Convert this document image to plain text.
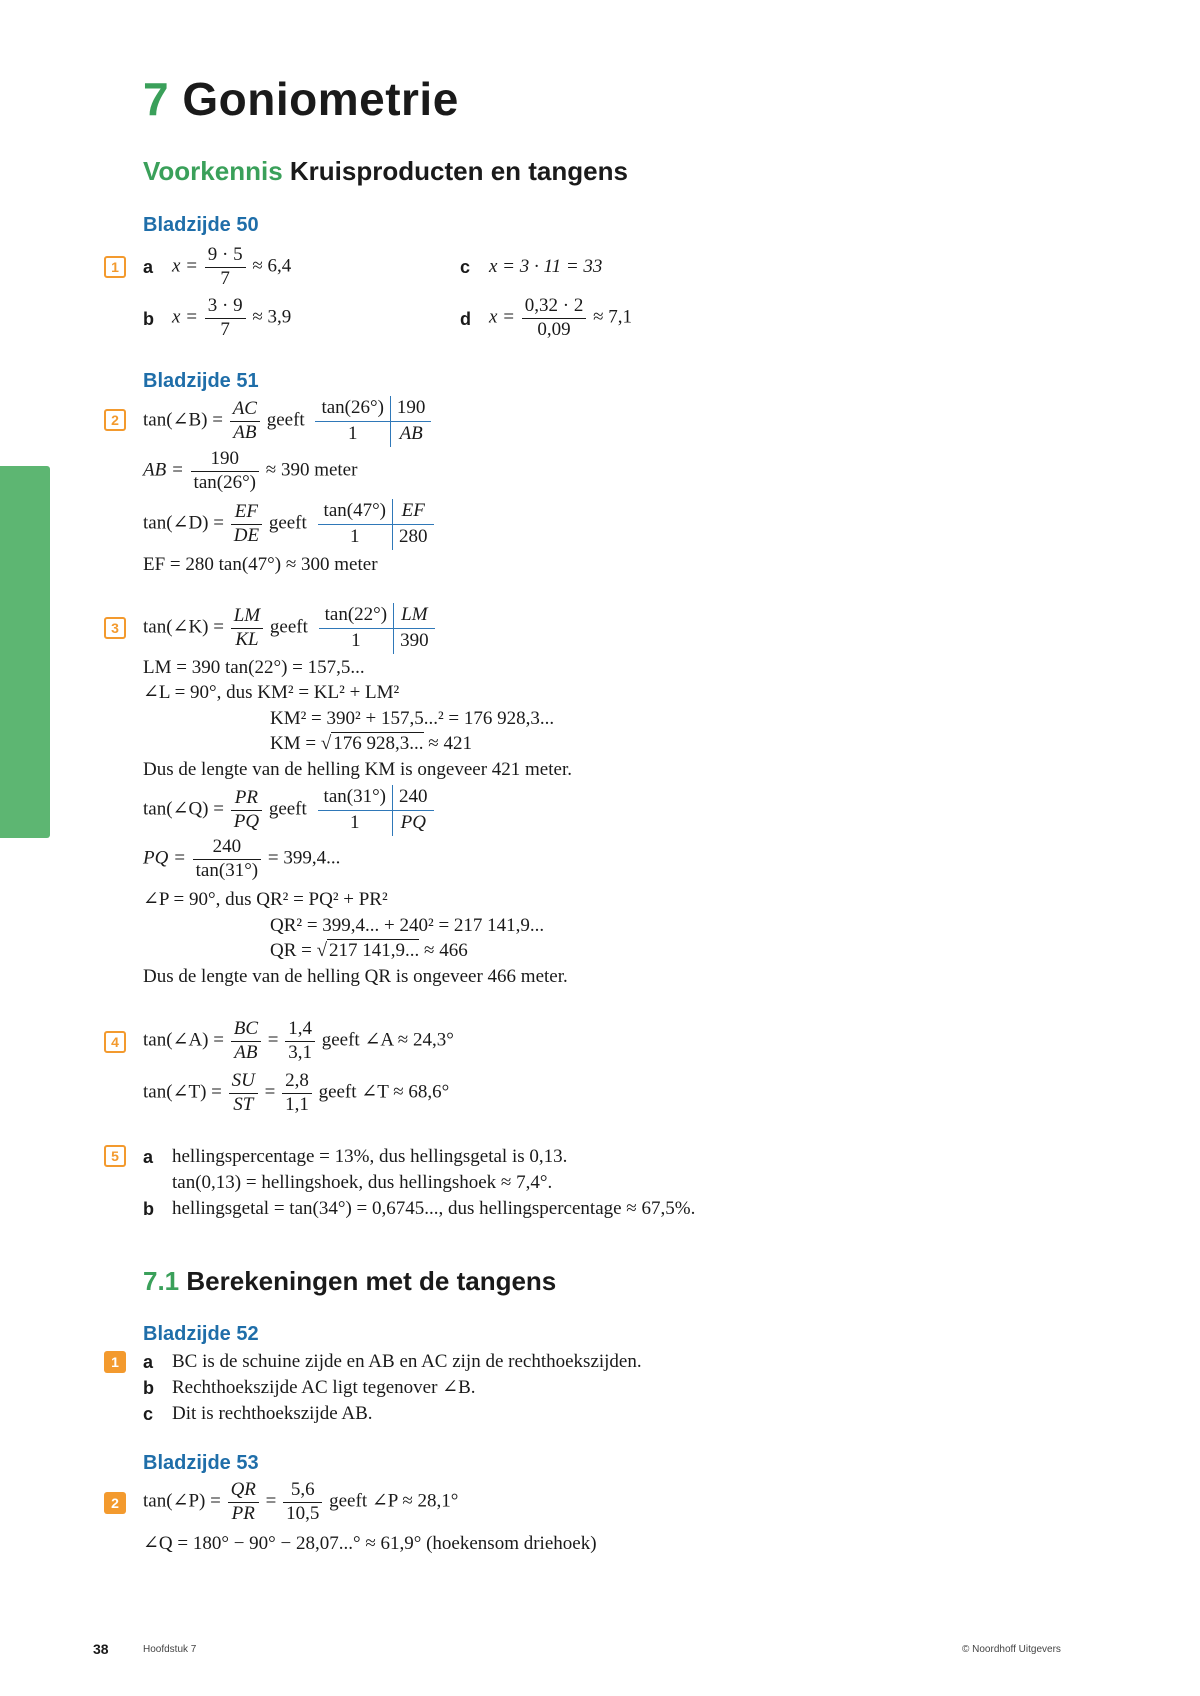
7 Goniometrie
Voorkennis Kruisproducten en tangens
Bladzijde 50
1	a $x = \frac{9 \cdot 5}{7} \approx 6,4$	c x = 3 · 11 = 33
b $x = \frac{3 \cdot 9}{7} \approx 3,9$	d $x = \frac{0,32 \cdot 2}{0,09} \approx 7,1$
Bladzijde 51
2	tan(∠B) = $\frac{AC}{AB}$ geeft
tan(26°)	190
1	AB
AB = $\frac{190}{\tan(26^\circ)} \approx 390$ meter
tan(∠D) = $\frac{EF}{DE}$ geeft
tan(47°)	EF
1	280
EF = 280 tan(47°) ≈ 300 meter
3	tan(∠K) = $\frac{LM}{KL}$ geeft
tan(22°)	LM
1	390
LM = 390 tan(22°) = 157,5...
∠L = 90°, dus KM² = KL² + LM²
KM² = 390² + 157,5...² = 176 928,3...
KM = √ 176 928,3... ≈ 421
Dus de lengte van de helling KM is ongeveer 421 meter.
tan(∠Q) = $\frac{PR}{PQ}$ geeft
tan(31°)	240
1	PQ
PQ = $\frac{240}{\tan(31^\circ)} = 399,4$...
∠P = 90°, dus QR² = PQ² + PR²
QR² = 399,4... + 240² = 217 141,9...
QR = √ 217 141,9... ≈ 466
Dus de lengte van de helling QR is ongeveer 466 meter.
4	tan(∠A) = $\frac{BC}{AB} = \frac{1,4}{3,1}$ geeft ∠A ≈ 24,3°
tan(∠T) = $\frac{SU}{ST} = \frac{2,8}{1,1}$ geeft ∠T ≈ 68,6°
5	a hellingspercentage = 13%, dus hellingsgetal is 0,13.
tan(0,13) = hellingshoek, dus hellingshoek ≈ 7,4°.
b hellingsgetal = tan(34°) = 0,6745..., dus hellingspercentage ≈ 67,5%.
7.1 Berekeningen met de tangens
Bladzijde 52
1	a BC is de schuine zijde en AB en AC zijn de rechthoekszijden.
b Rechthoekszijde AC ligt tegenover ∠B.
c Dit is rechthoekszijde AB.
Bladzijde 53
2	tan(∠P) = $\frac{QR}{PR} = \frac{5,6}{10,5}$ geeft ∠P ≈ 28,1°
∠Q = 180° − 90° − 28,07...° ≈ 61,9° (hoekensom driehoek)
38	Hoofdstuk 7	© Noordhoff Uitgevers
